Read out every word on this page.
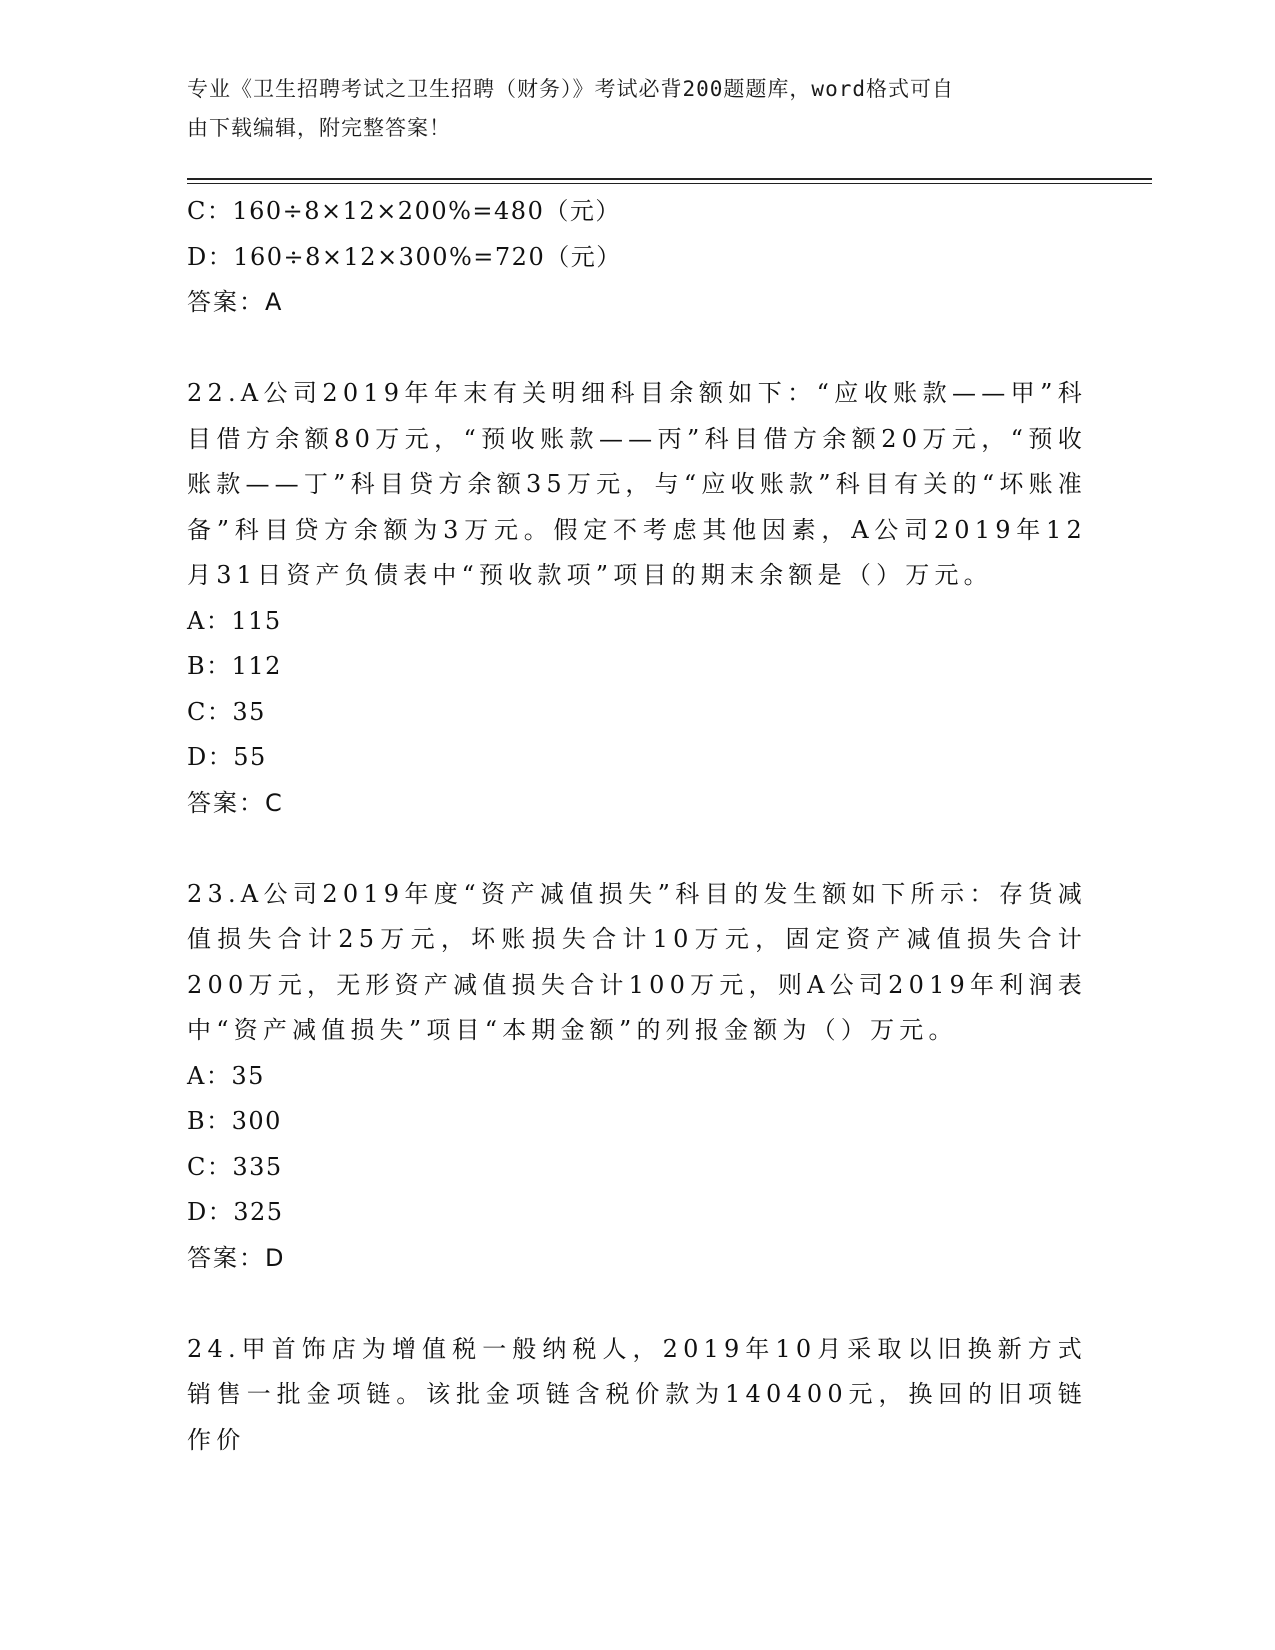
专业《卫生招聘考试之卫生招聘（财务）》考试必背200题题库，word格式可自
由下载编辑，附完整答案！
C：160÷8×12×200%=480（元）
D：160÷8×12×300%=720（元）
答案：A
22.A公司2019年年末有关明细科目余额如下：“应收账款——甲”科目借方余额80万元，“预收账款——丙”科目借方余额20万元，“预收账款——丁”科目贷方余额35万元，与“应收账款”科目有关的“坏账准备”科目贷方余额为3万元。假定不考虑其他因素，A公司2019年12月31日资产负债表中“预收款项”项目的期末余额是（）万元。
A：115
B：112
C：35
D：55
答案：C
23.A公司2019年度“资产减值损失”科目的发生额如下所示：存货减值损失合计25万元，坏账损失合计10万元，固定资产减值损失合计200万元，无形资产减值损失合计100万元，则A公司2019年利润表中“资产减值损失”项目“本期金额”的列报金额为（）万元。
A：35
B：300
C：335
D：325
答案：D
24.甲首饰店为增值税一般纳税人，2019年10月采取以旧换新方式销售一批金项链。该批金项链含税价款为140400元，换回的旧项链作价
